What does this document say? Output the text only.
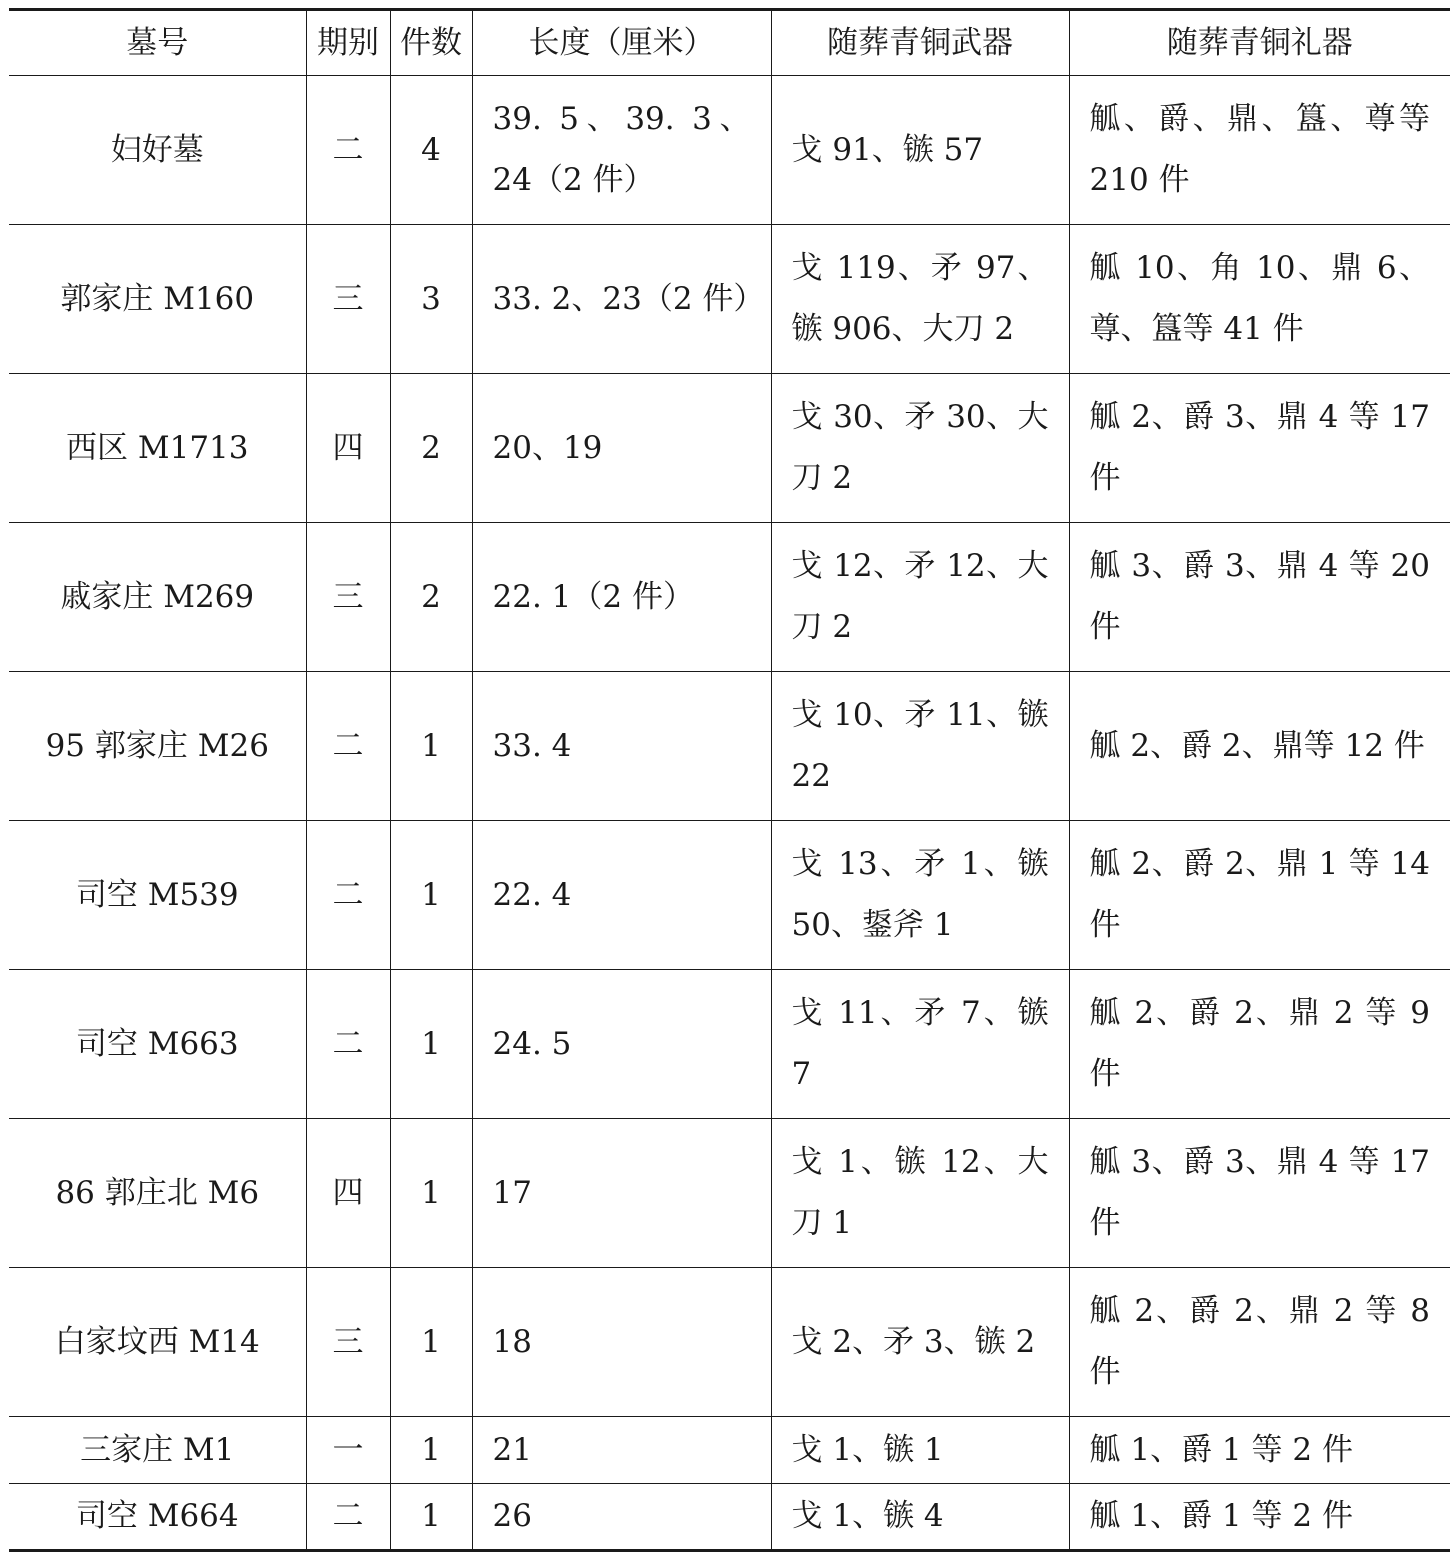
墓号	期别	件数	长度（厘米）	随葬青铜武器	随葬青铜礼器
妇好墓	二	4	39. 5、39. 3、24（2 件）	戈 91、镞 57	觚、爵、鼎、簋、尊等 210 件
郭家庄 M160	三	3	33. 2、23（2 件）	戈 119、矛 97、镞 906、大刀 2	觚 10、角 10、鼎 6、尊、簋等 41 件
西区 M1713	四	2	20、19	戈 30、矛 30、大刀 2	觚 2、爵 3、鼎 4 等 17 件
戚家庄 M269	三	2	22. 1（2 件）	戈 12、矛 12、大刀 2	觚 3、爵 3、鼎 4 等 20 件
95 郭家庄 M26	二	1	33. 4	戈 10、矛 11、镞 22	觚 2、爵 2、鼎等 12 件
司空 M539	二	1	22. 4	戈 13、矛 1、镞 50、鋬斧 1	觚 2、爵 2、鼎 1 等 14 件
司空 M663	二	1	24. 5	戈 11、矛 7、镞 7	觚 2、爵 2、鼎 2 等 9 件
86 郭庄北 M6	四	1	17	戈 1、镞 12、大刀 1	觚 3、爵 3、鼎 4 等 17 件
白家坟西 M14	三	1	18	戈 2、矛 3、镞 2	觚 2、爵 2、鼎 2 等 8 件
三家庄 M1	一	1	21	戈 1、镞 1	觚 1、爵 1 等 2 件
司空 M664	二	1	26	戈 1、镞 4	觚 1、爵 1 等 2 件
